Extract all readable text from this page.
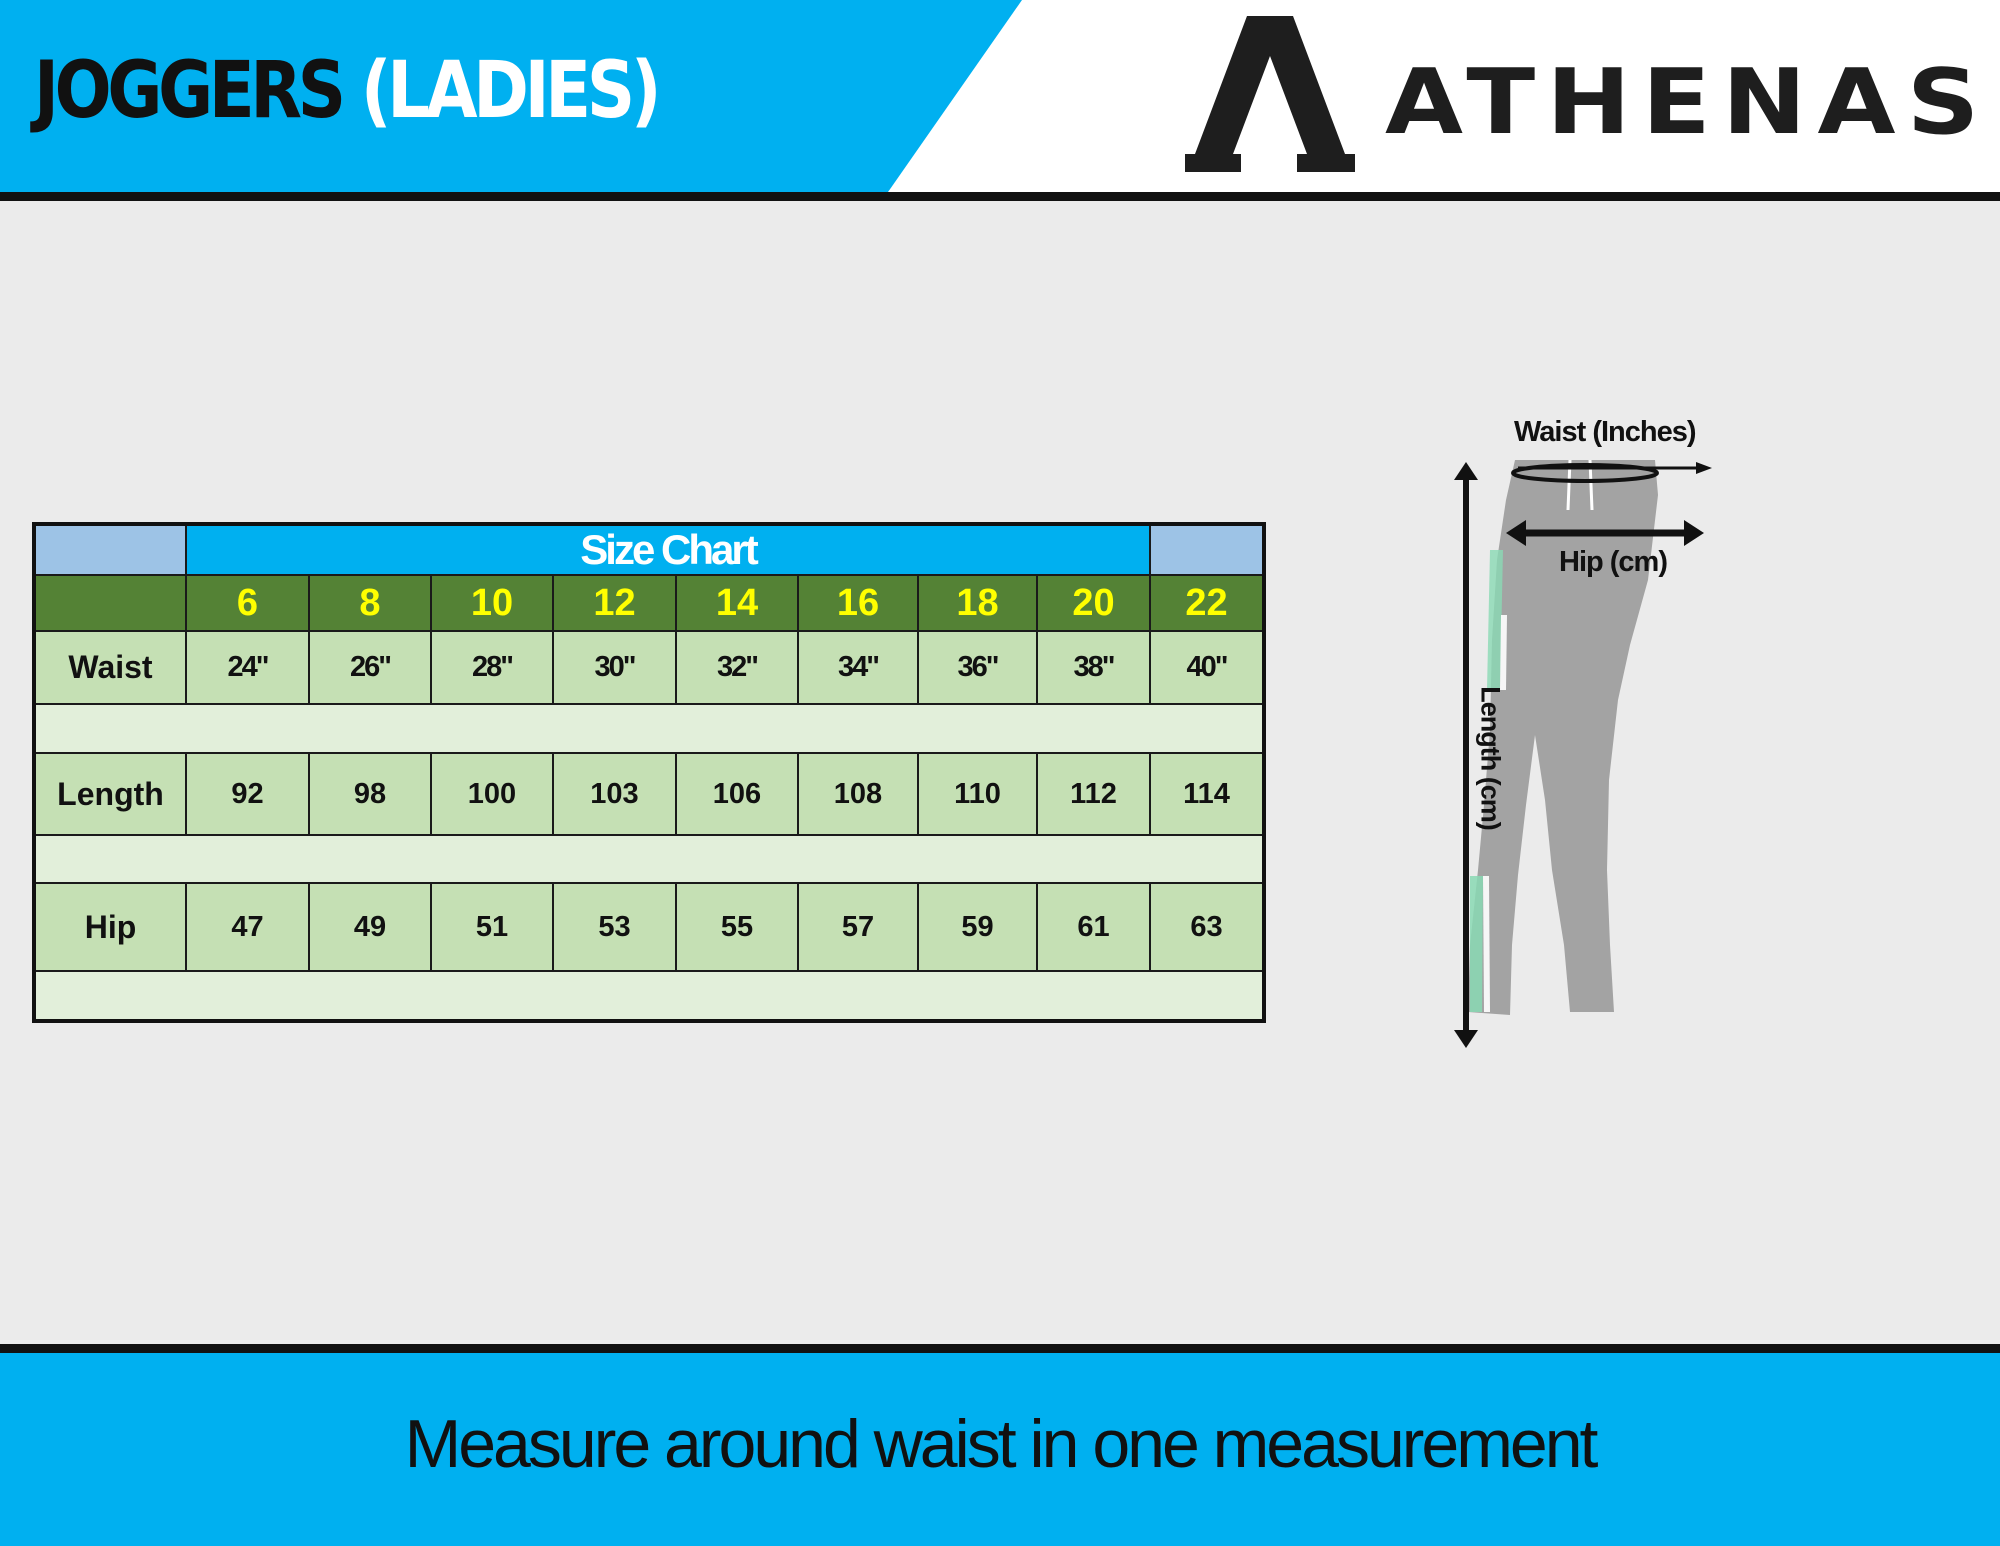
JOGGERS (LADIES)	ATHENAS
	Size Chart								
	6	8	10	12	14	16	18	20	22
Waist	24"	26"	28"	30"	32"	34"	36"	38"	40"

Length	92	98	100	103	106	108	110	112	114

Hip	47	49	51	53	55	57	59	61	63

Waist (Inches)
Hip (cm)
Length (cm)
Measure around waist in one measurement
